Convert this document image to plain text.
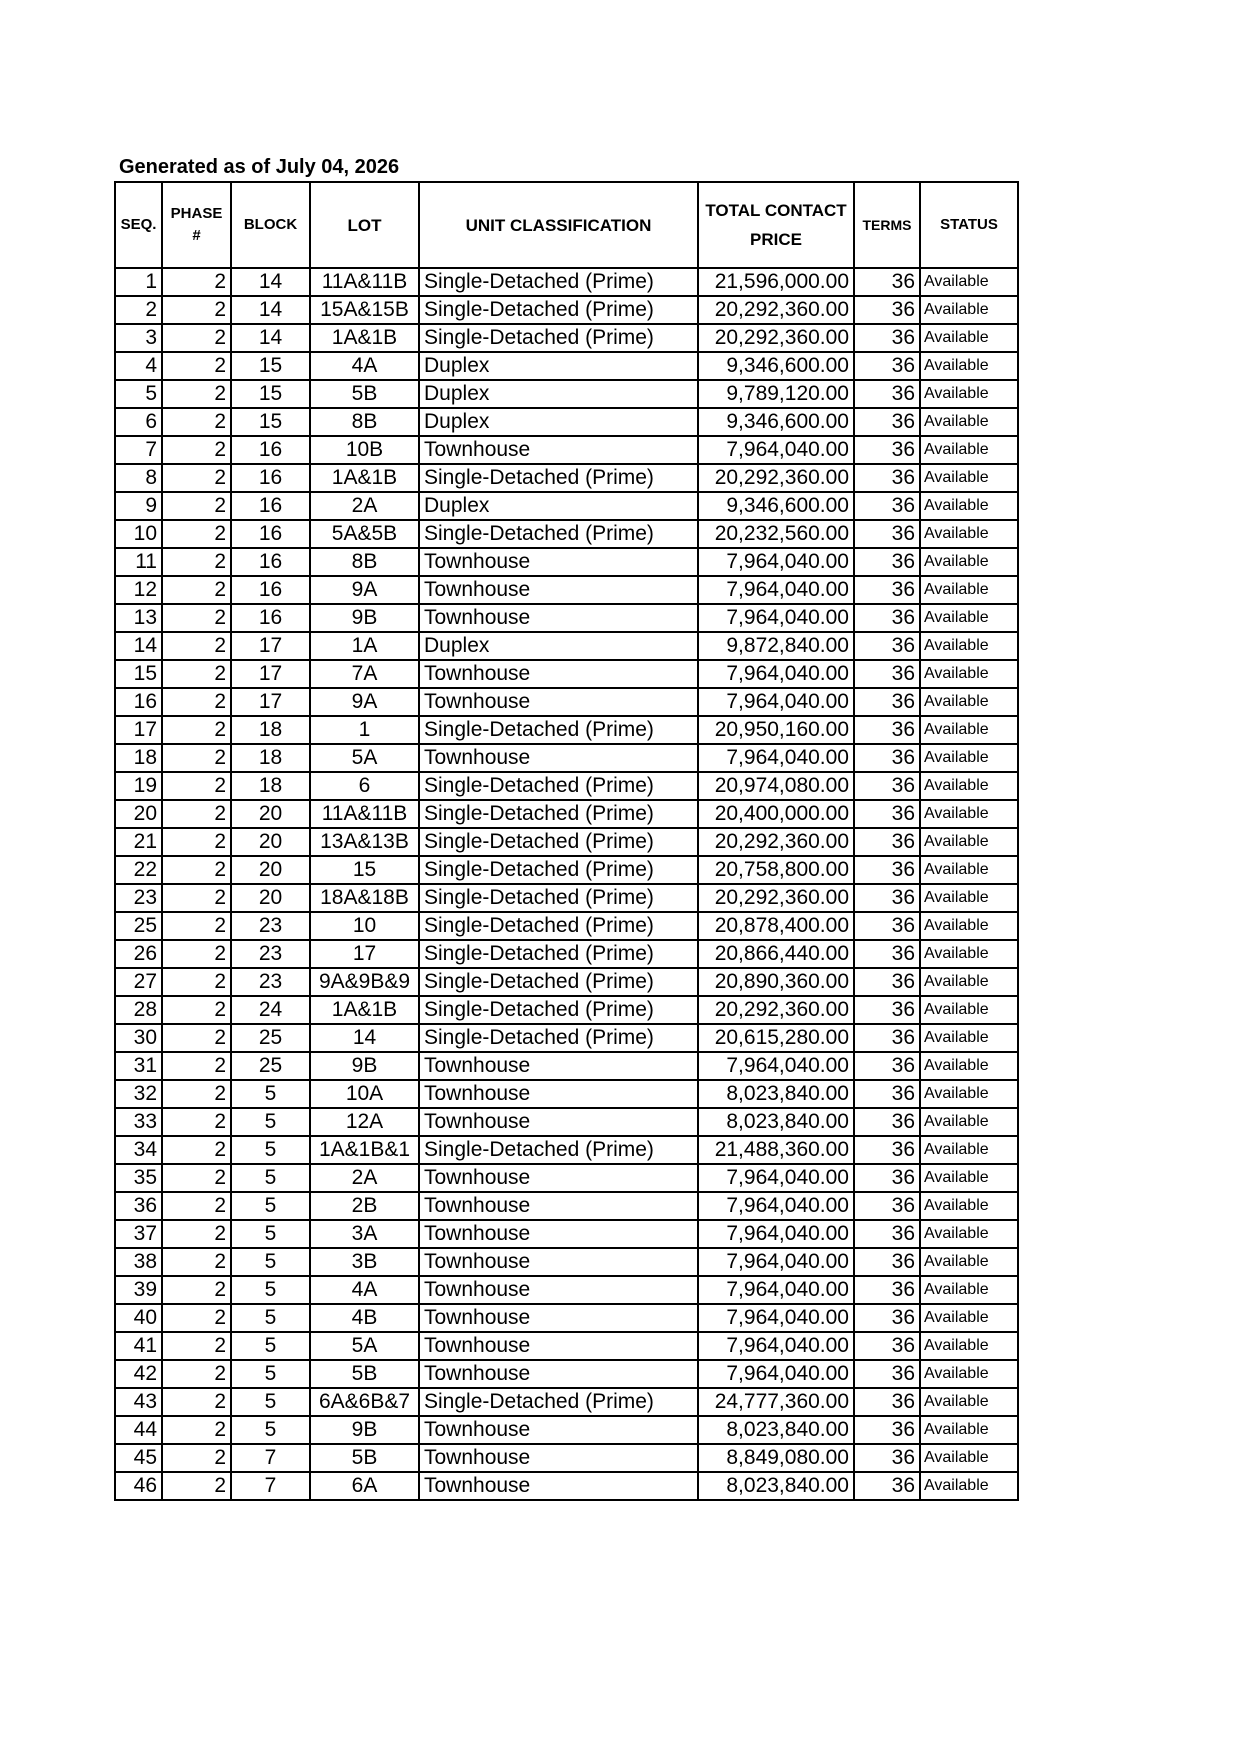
Generated as of July 04, 2026
SEQ.	PHASE #	BLOCK	LOT	UNIT CLASSIFICATION	TOTAL CONTACT PRICE	TERMS	STATUS
1	2	14	11A&11B	Single-Detached (Prime)	21,596,000.00	36	Available
2	2	14	15A&15B	Single-Detached (Prime)	20,292,360.00	36	Available
3	2	14	1A&1B	Single-Detached (Prime)	20,292,360.00	36	Available
4	2	15	4A	Duplex	9,346,600.00	36	Available
5	2	15	5B	Duplex	9,789,120.00	36	Available
6	2	15	8B	Duplex	9,346,600.00	36	Available
7	2	16	10B	Townhouse	7,964,040.00	36	Available
8	2	16	1A&1B	Single-Detached (Prime)	20,292,360.00	36	Available
9	2	16	2A	Duplex	9,346,600.00	36	Available
10	2	16	5A&5B	Single-Detached (Prime)	20,232,560.00	36	Available
11	2	16	8B	Townhouse	7,964,040.00	36	Available
12	2	16	9A	Townhouse	7,964,040.00	36	Available
13	2	16	9B	Townhouse	7,964,040.00	36	Available
14	2	17	1A	Duplex	9,872,840.00	36	Available
15	2	17	7A	Townhouse	7,964,040.00	36	Available
16	2	17	9A	Townhouse	7,964,040.00	36	Available
17	2	18	1	Single-Detached (Prime)	20,950,160.00	36	Available
18	2	18	5A	Townhouse	7,964,040.00	36	Available
19	2	18	6	Single-Detached (Prime)	20,974,080.00	36	Available
20	2	20	11A&11B	Single-Detached (Prime)	20,400,000.00	36	Available
21	2	20	13A&13B	Single-Detached (Prime)	20,292,360.00	36	Available
22	2	20	15	Single-Detached (Prime)	20,758,800.00	36	Available
23	2	20	18A&18B	Single-Detached (Prime)	20,292,360.00	36	Available
25	2	23	10	Single-Detached (Prime)	20,878,400.00	36	Available
26	2	23	17	Single-Detached (Prime)	20,866,440.00	36	Available
27	2	23	9A&9B&9	Single-Detached (Prime)	20,890,360.00	36	Available
28	2	24	1A&1B	Single-Detached (Prime)	20,292,360.00	36	Available
30	2	25	14	Single-Detached (Prime)	20,615,280.00	36	Available
31	2	25	9B	Townhouse	7,964,040.00	36	Available
32	2	5	10A	Townhouse	8,023,840.00	36	Available
33	2	5	12A	Townhouse	8,023,840.00	36	Available
34	2	5	1A&1B&1	Single-Detached (Prime)	21,488,360.00	36	Available
35	2	5	2A	Townhouse	7,964,040.00	36	Available
36	2	5	2B	Townhouse	7,964,040.00	36	Available
37	2	5	3A	Townhouse	7,964,040.00	36	Available
38	2	5	3B	Townhouse	7,964,040.00	36	Available
39	2	5	4A	Townhouse	7,964,040.00	36	Available
40	2	5	4B	Townhouse	7,964,040.00	36	Available
41	2	5	5A	Townhouse	7,964,040.00	36	Available
42	2	5	5B	Townhouse	7,964,040.00	36	Available
43	2	5	6A&6B&7	Single-Detached (Prime)	24,777,360.00	36	Available
44	2	5	9B	Townhouse	8,023,840.00	36	Available
45	2	7	5B	Townhouse	8,849,080.00	36	Available
46	2	7	6A	Townhouse	8,023,840.00	36	Available
